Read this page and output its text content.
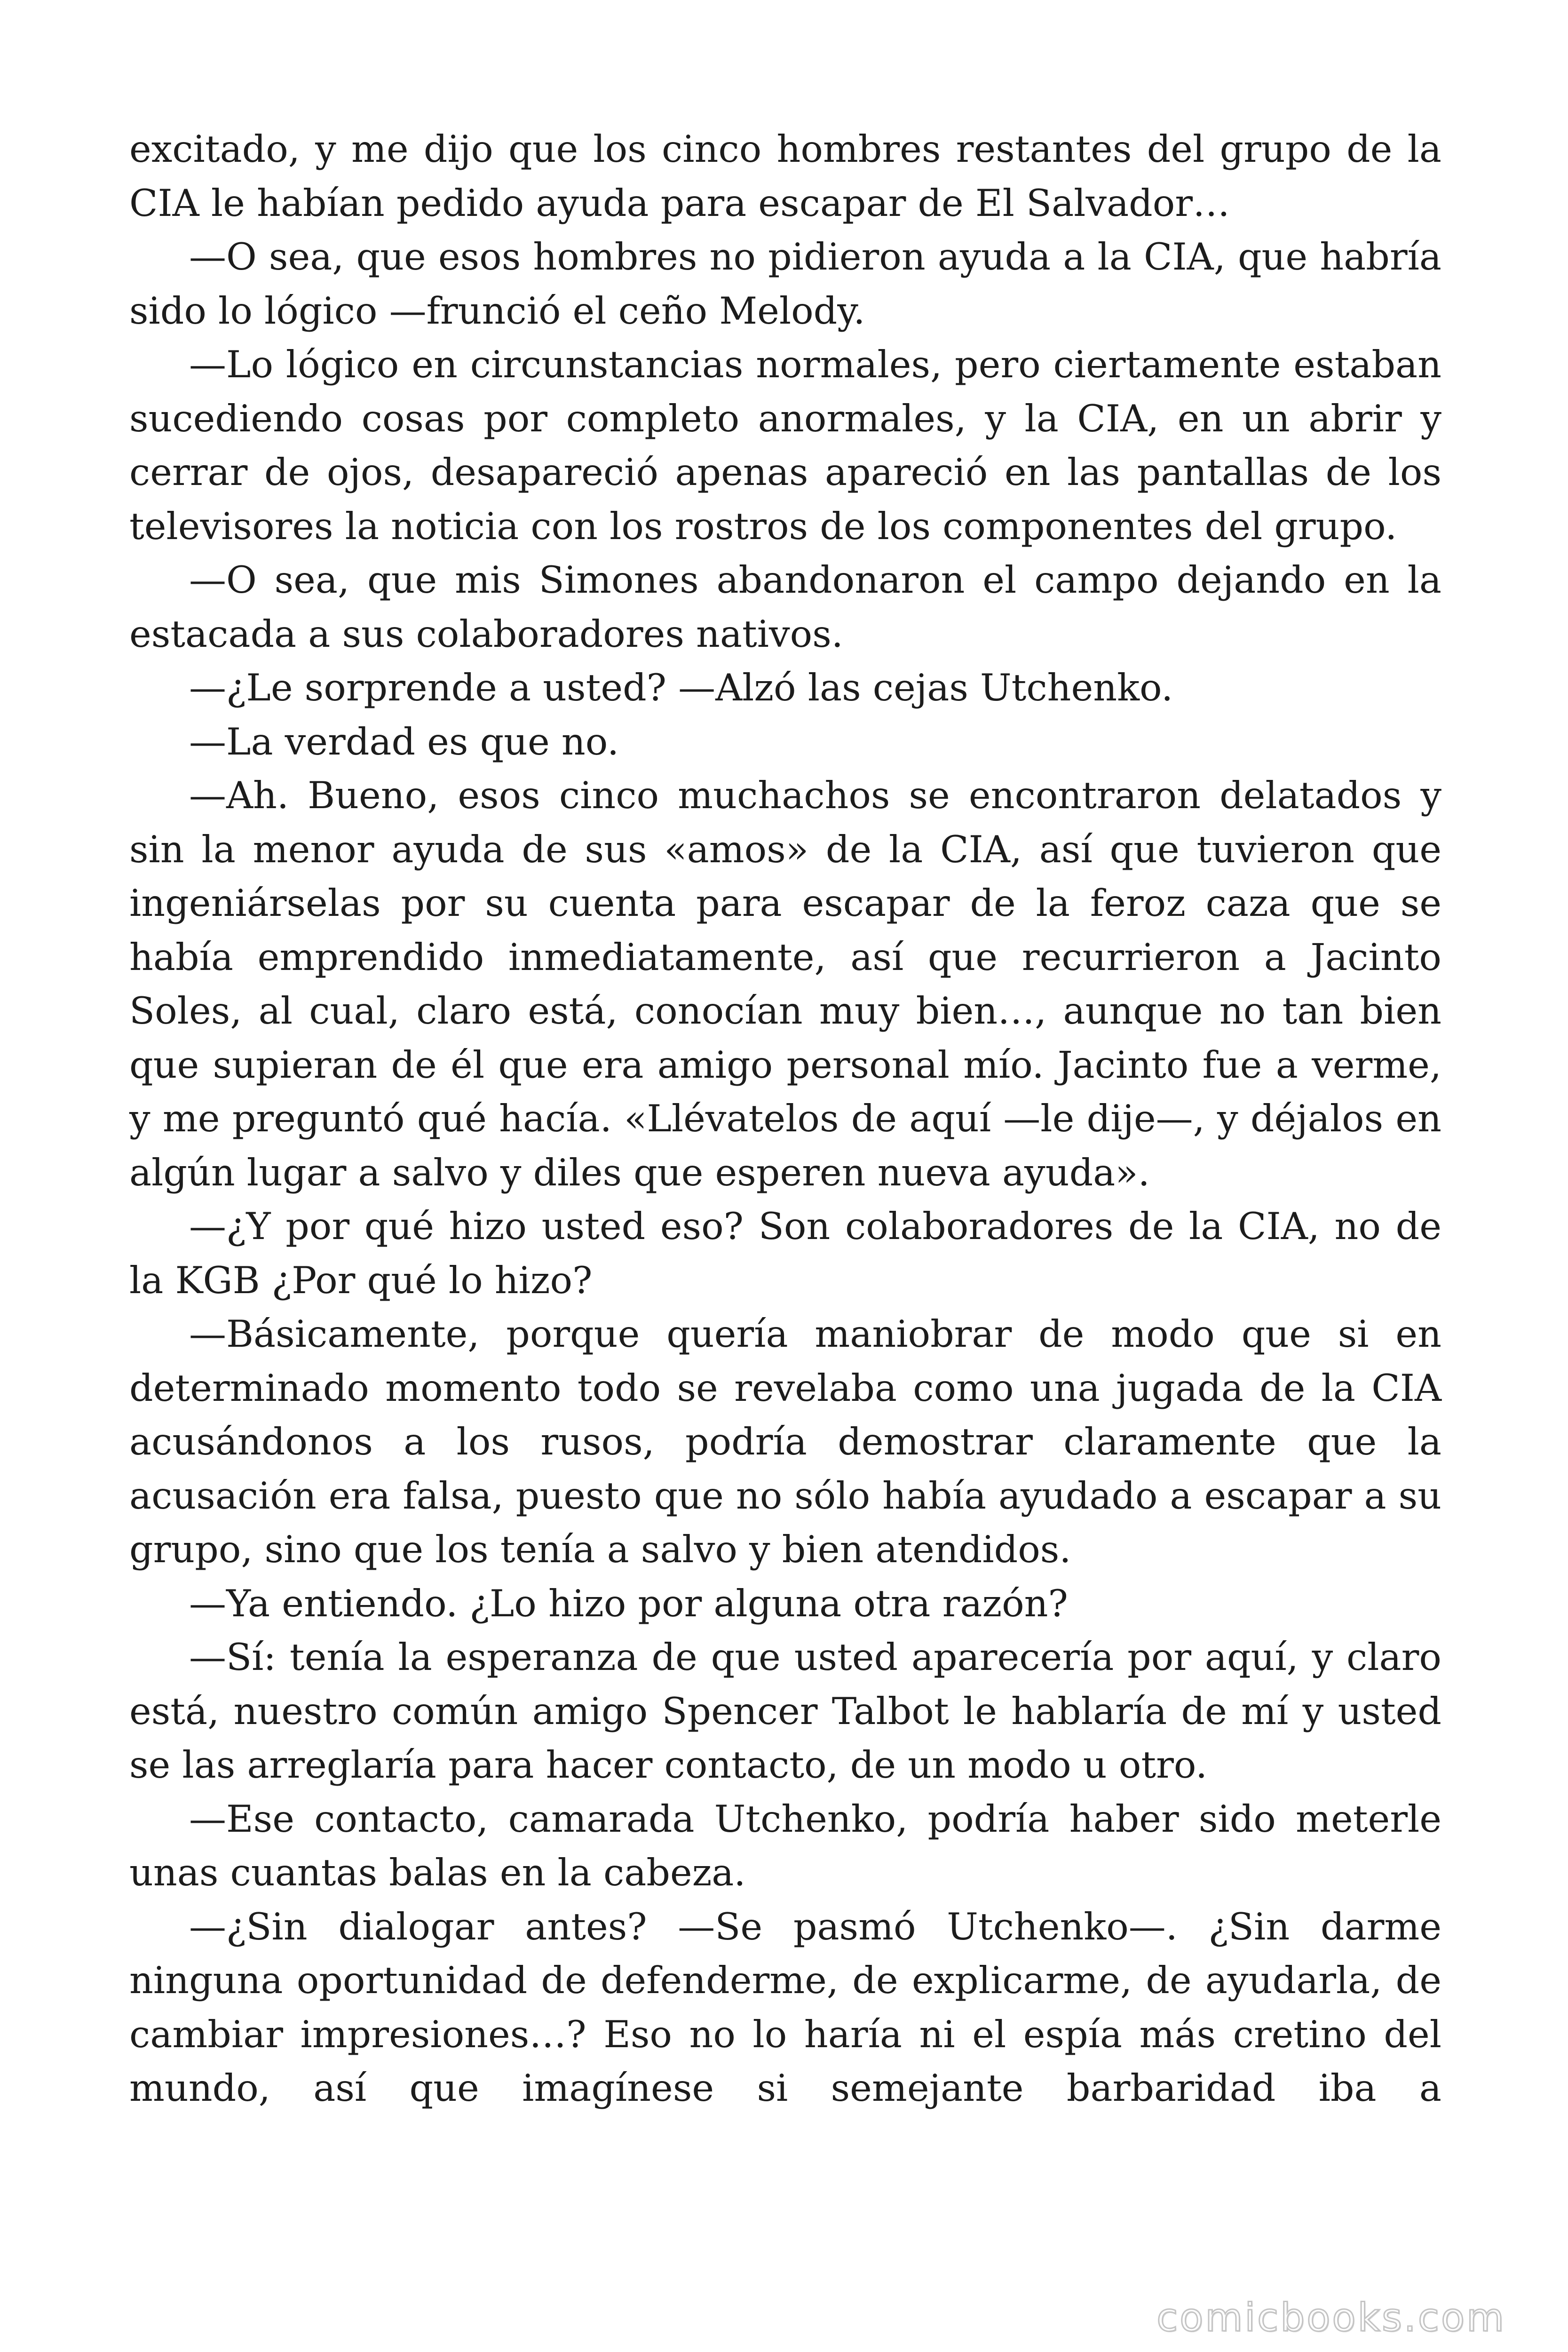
excitado, y me dijo que los cinco hombres restantes del grupo de la CIA le habían pedido ayuda para escapar de El Salvador…

—O sea, que esos hombres no pidieron ayuda a la CIA, que habría sido lo lógico —frunció el ceño Melody.

—Lo lógico en circunstancias normales, pero ciertamente estaban sucediendo cosas por completo anormales, y la CIA, en un abrir y cerrar de ojos, desapareció apenas apareció en las pantallas de los televisores la noticia con los rostros de los componentes del grupo.

—O sea, que mis Simones abandonaron el campo dejando en la estacada a sus colaboradores nativos.

—¿Le sorprende a usted? —Alzó las cejas Utchenko.

—La verdad es que no.

—Ah. Bueno, esos cinco muchachos se encontraron delatados y sin la menor ayuda de sus «amos» de la CIA, así que tuvieron que ingeniárselas por su cuenta para escapar de la feroz caza que se había emprendido inmediatamente, así que recurrieron a Jacinto Soles, al cual, claro está, conocían muy bien…, aunque no tan bien que supieran de él que era amigo personal mío. Jacinto fue a verme, y me preguntó qué hacía. «Llévatelos de aquí —le dije—, y déjalos en algún lugar a salvo y diles que esperen nueva ayuda».

—¿Y por qué hizo usted eso? Son colaboradores de la CIA, no de la KGB ¿Por qué lo hizo?

—Básicamente, porque quería maniobrar de modo que si en determinado momento todo se revelaba como una jugada de la CIA acusándonos a los rusos, podría demostrar claramente que la acusación era falsa, puesto que no sólo había ayudado a escapar a su grupo, sino que los tenía a salvo y bien atendidos.

—Ya entiendo. ¿Lo hizo por alguna otra razón?

—Sí: tenía la esperanza de que usted aparecería por aquí, y claro está, nuestro común amigo Spencer Talbot le hablaría de mí y usted se las arreglaría para hacer contacto, de un modo u otro.

—Ese contacto, camarada Utchenko, podría haber sido meterle unas cuantas balas en la cabeza.

—¿Sin dialogar antes? —Se pasmó Utchenko—. ¿Sin darme ninguna oportunidad de defenderme, de explicarme, de ayudarla, de cambiar impresiones…? Eso no lo haría ni el espía más cretino del mundo, así que imagínese si semejante barbaridad iba a

comicbooks.com
